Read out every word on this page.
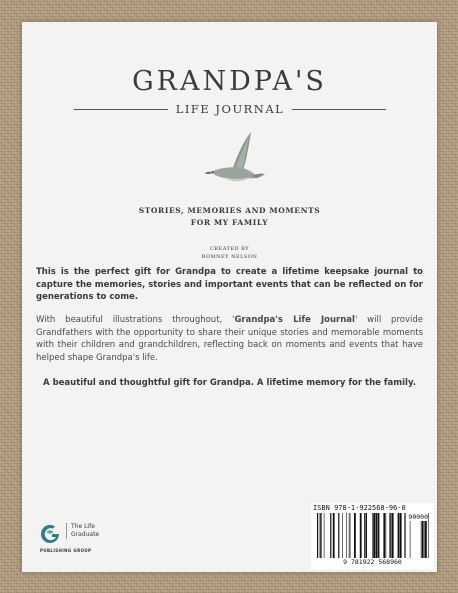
GRANDPA'S
LIFE JOURNAL
STORIES, MEMORIES AND MOMENTS
FOR MY FAMILY
CREATED BY
ROMNEY NELSON

This is the perfect gift for Grandpa to create a lifetime keepsake journal to capture the memories, stories and important events that can be reflected on for generations to come.

With beautiful illustrations throughout, 'Grandpa's Life Journal' will provide Grandfathers with the opportunity to share their unique stories and memorable moments with their children and grandchildren, reflecting back on moments and events that have helped shape Grandpa's life.

A beautiful and thoughtful gift for Grandpa. A lifetime memory for the family.

The Life
Graduate
PUBLISHING GROUP
ISBN 978-1-922568-96-0
9 781922 568960
90000
